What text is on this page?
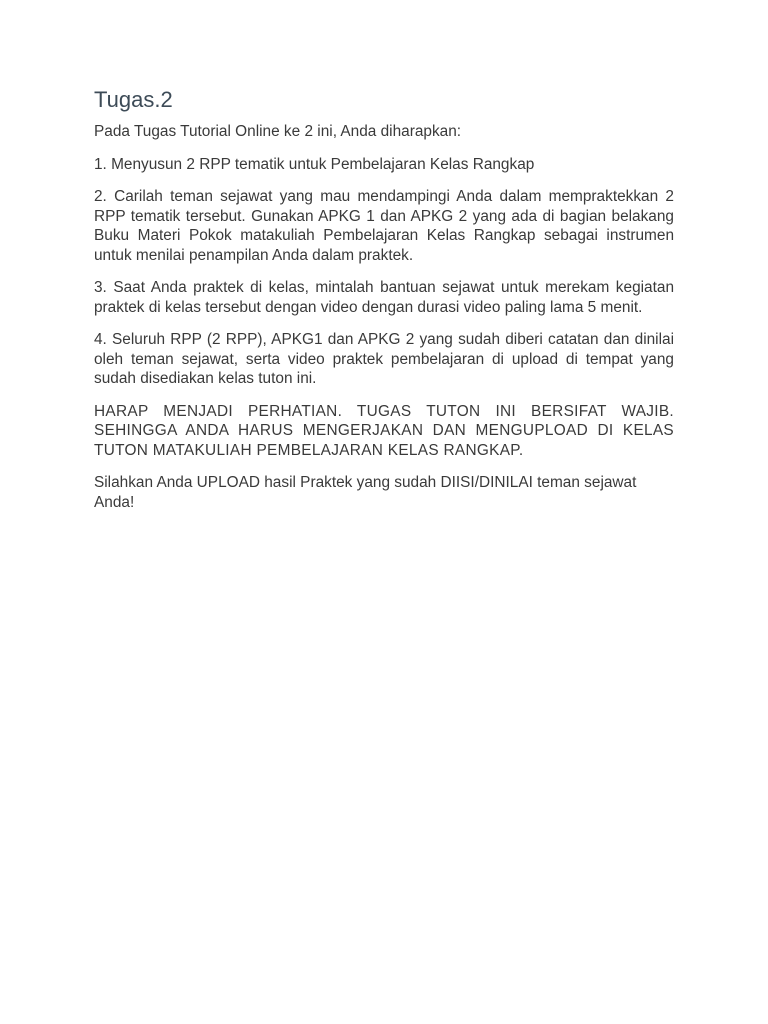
Tugas.2

Pada Tugas Tutorial Online ke 2 ini, Anda diharapkan:

1. Menyusun 2 RPP tematik untuk Pembelajaran Kelas Rangkap

2. Carilah teman sejawat yang mau mendampingi Anda dalam mempraktekkan 2 RPP tematik tersebut. Gunakan APKG 1 dan APKG 2 yang ada di bagian belakang Buku Materi Pokok matakuliah Pembelajaran Kelas Rangkap sebagai instrumen untuk menilai penampilan Anda dalam praktek.

3. Saat Anda praktek di kelas, mintalah bantuan sejawat untuk merekam kegiatan praktek di kelas tersebut dengan video dengan durasi video paling lama 5 menit.

4. Seluruh RPP (2 RPP), APKG1 dan APKG 2 yang sudah diberi catatan dan dinilai oleh teman sejawat, serta video praktek pembelajaran di upload di tempat yang sudah disediakan kelas tuton ini.

HARAP MENJADI PERHATIAN. TUGAS TUTON INI BERSIFAT WAJIB. SEHINGGA ANDA HARUS MENGERJAKAN DAN MENGUPLOAD DI KELAS TUTON MATAKULIAH PEMBELAJARAN KELAS RANGKAP.

Silahkan Anda UPLOAD hasil Praktek yang sudah DIISI/DINILAI teman sejawat Anda!
